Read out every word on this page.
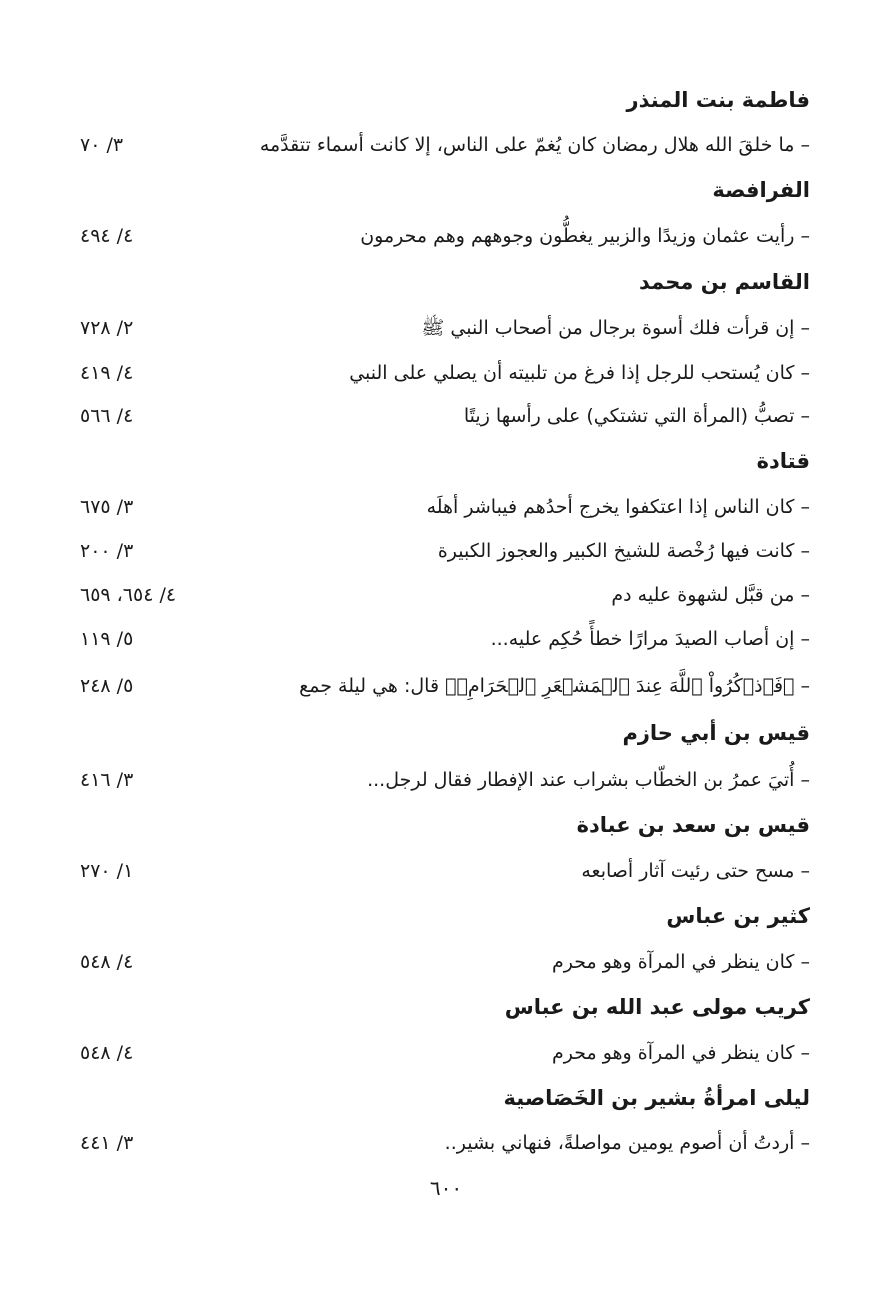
فاطمة بنت المنذر
– ما خلقَ الله هلال رمضان كان يُغمّ على الناس، إلا كانت أسماء تتقدَّمه
٣/ ٧٠
الفرافصة
– رأيت عثمان وزيدًا والزبير يغطُّون وجوههم وهم محرمون
٤/ ٤٩٤
القاسم بن محمد
– إن قرأت فلك أسوة برجال من أصحاب النبي ﷺ
٢/ ٧٢٨
– كان يُستحب للرجل إذا فرغ من تلبيته أن يصلي على النبي
٤/ ٤١٩
– تصبُّ (المرأة التي تشتكي) على رأسها زيتًا
٤/ ٥٦٦
قتادة
– كان الناس إذا اعتكفوا يخرج أحدُهم فيباشر أهلَه
٣/ ٦٧٥
– كانت فيها رُخْصة للشيخ الكبير والعجوز الكبيرة
٣/ ٢٠٠
– من قبَّل لشهوة عليه دم
٤/ ٦٥٤، ٦٥٩
– إن أصاب الصيدَ مرارًا خطأً حُكِم عليه...
٥/ ١١٩
– ﴿فَٱذۡكُرُواْ ٱللَّهَ عِندَ ٱلۡمَشۡعَرِ ٱلۡحَرَامِۖ﴾ قال: هي ليلة جمع
٥/ ٢٤٨
قيس بن أبي حازم
– أُتيَ عمرُ بن الخطّاب بشراب عند الإفطار فقال لرجل...
٣/ ٤١٦
قيس بن سعد بن عبادة
– مسح حتى رئيت آثار أصابعه
١/ ٢٧٠
كثير بن عباس
– كان ينظر في المرآة وهو محرم
٤/ ٥٤٨
كريب مولى عبد الله بن عباس
– كان ينظر في المرآة وهو محرم
٤/ ٥٤٨
ليلى امرأةُ بشير بن الخَصَاصية
– أردتُ أن أصوم يومين مواصلةً، فنهاني بشير..
٣/ ٤٤١
٦٠٠
